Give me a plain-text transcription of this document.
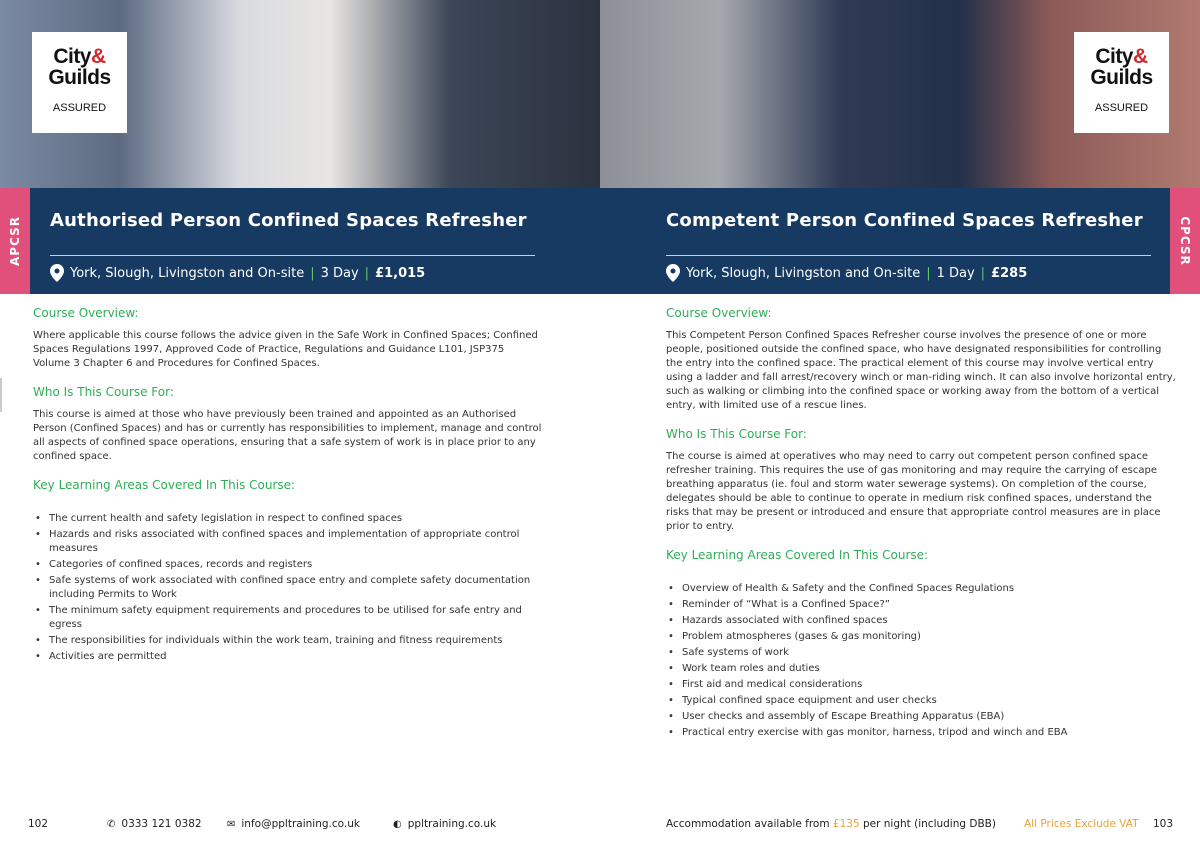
City&
Guilds
ASSURED
City&
Guilds
ASSURED
APCSR	CPCSR
Authorised Person Confined Spaces Refresher	Competent Person Confined Spaces Refresher
York, Slough, Livingston and On-site | 3 Day | £1,015	York, Slough, Livingston and On-site | 1 Day | £285
Course Overview:
Where applicable this course follows the advice given in the Safe Work in Confined Spaces; Confined Spaces Regulations 1997, Approved Code of Practice, Regulations and Guidance L101, JSP375 Volume 3 Chapter 6 and Procedures for Confined Spaces.
Who Is This Course For:
This course is aimed at those who have previously been trained and appointed as an Authorised Person (Confined Spaces) and has or currently has responsibilities to implement, manage and control all aspects of confined space operations, ensuring that a safe system of work is in place prior to any confined space.
Key Learning Areas Covered In This Course:
• The current health and safety legislation in respect to confined spaces
• Hazards and risks associated with confined spaces and implementation of appropriate control measures
• Categories of confined spaces, records and registers
• Safe systems of work associated with confined space entry and complete safety documentation including Permits to Work
• The minimum safety equipment requirements and procedures to be utilised for safe entry and egress
• The responsibilities for individuals within the work team, training and fitness requirements
• Activities are permitted
Course Overview:
This Competent Person Confined Spaces Refresher course involves the presence of one or more people, positioned outside the confined space, who have designated responsibilities for controlling the entry into the confined space. The practical element of this course may involve vertical entry using a ladder and fall arrest/recovery winch or man-riding winch. It can also involve horizontal entry, such as walking or climbing into the confined space or working away from the bottom of a vertical entry, with limited use of a rescue lines.
Who Is This Course For:
The course is aimed at operatives who may need to carry out competent person confined space refresher training. This requires the use of gas monitoring and may require the carrying of escape breathing apparatus (ie. foul and storm water sewerage systems). On completion of the course, delegates should be able to continue to operate in medium risk confined spaces, understand the risks that may be present or introduced and ensure that appropriate control measures are in place prior to entry.
Key Learning Areas Covered In This Course:
• Overview of Health & Safety and the Confined Spaces Regulations
• Reminder of “What is a Confined Space?”
• Hazards associated with confined spaces
• Problem atmospheres (gases & gas monitoring)
• Safe systems of work
• Work team roles and duties
• First aid and medical considerations
• Typical confined space equipment and user checks
• User checks and assembly of Escape Breathing Apparatus (EBA)
• Practical entry exercise with gas monitor, harness, tripod and winch and EBA
102	✆ 0333 121 0382	✉ info@ppltraining.co.uk	◐ ppltraining.co.uk	Accommodation available from
£135
per night (including DBB)	All Prices Exclude VAT 103
